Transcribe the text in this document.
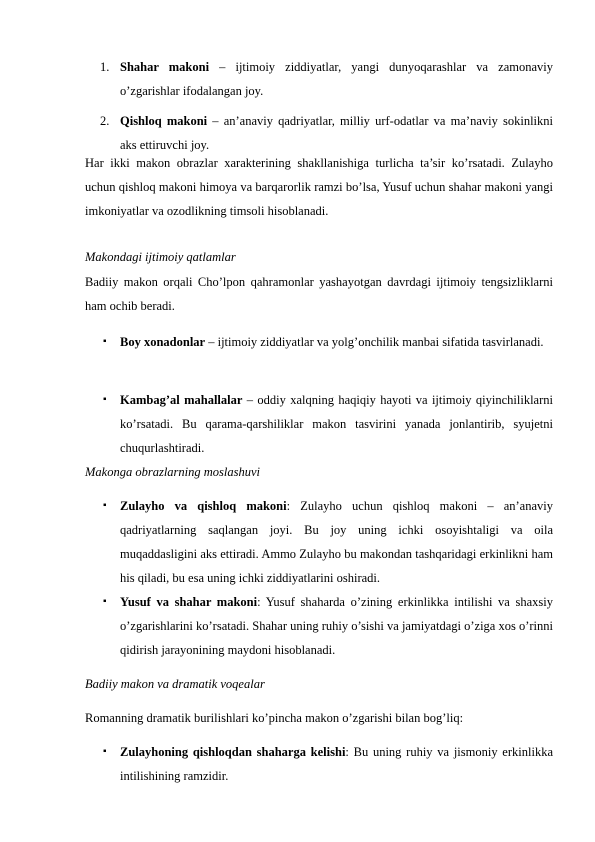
1. Shahar makoni – ijtimoiy ziddiyatlar, yangi dunyoqarashlar va zamonaviy o’zgarishlar ifodalangan joy.
2. Qishloq makoni – an’anaviy qadriyatlar, milliy urf-odatlar va ma’naviy sokinlikni aks ettiruvchi joy.
Har ikki makon obrazlar xarakterining shakllanishiga turlicha ta’sir ko’rsatadi. Zulayho uchun qishloq makoni himoya va barqarorlik ramzi bo’lsa, Yusuf uchun shahar makoni yangi imkoniyatlar va ozodlikning timsoli hisoblanadi.
Makondagi ijtimoiy qatlamlar
Badiiy makon orqali Cho’lpon qahramonlar yashayotgan davrdagi ijtimoiy tengsizliklarni ham ochib beradi.
▪ Boy xonadonlar – ijtimoiy ziddiyatlar va yolg’onchilik manbai sifatida tasvirlanadi.
▪ Kambag’al mahallalar – oddiy xalqning haqiqiy hayoti va ijtimoiy qiyinchiliklarni ko’rsatadi. Bu qarama-qarshiliklar makon tasvirini yanada jonlantirib, syujetni chuqurlashtiradi.
Makonga obrazlarning moslashuvi
▪ Zulayho va qishloq makoni: Zulayho uchun qishloq makoni – an’anaviy qadriyatlarning saqlangan joyi. Bu joy uning ichki osoyishtaligi va oila muqaddasligini aks ettiradi. Ammo Zulayho bu makondan tashqaridagi erkinlikni ham his qiladi, bu esa uning ichki ziddiyatlarini oshiradi.
▪ Yusuf va shahar makoni: Yusuf shaharda o’zining erkinlikka intilishi va shaxsiy o’zgarishlarini ko’rsatadi. Shahar uning ruhiy o’sishi va jamiyatdagi o’ziga xos o’rinni qidirish jarayonining maydoni hisoblanadi.
Badiiy makon va dramatik voqealar
Romanning dramatik burilishlari ko’pincha makon o’zgarishi bilan bog’liq:
▪ Zulayhoning qishloqdan shaharga kelishi: Bu uning ruhiy va jismoniy erkinlikka intilishining ramzidir.
